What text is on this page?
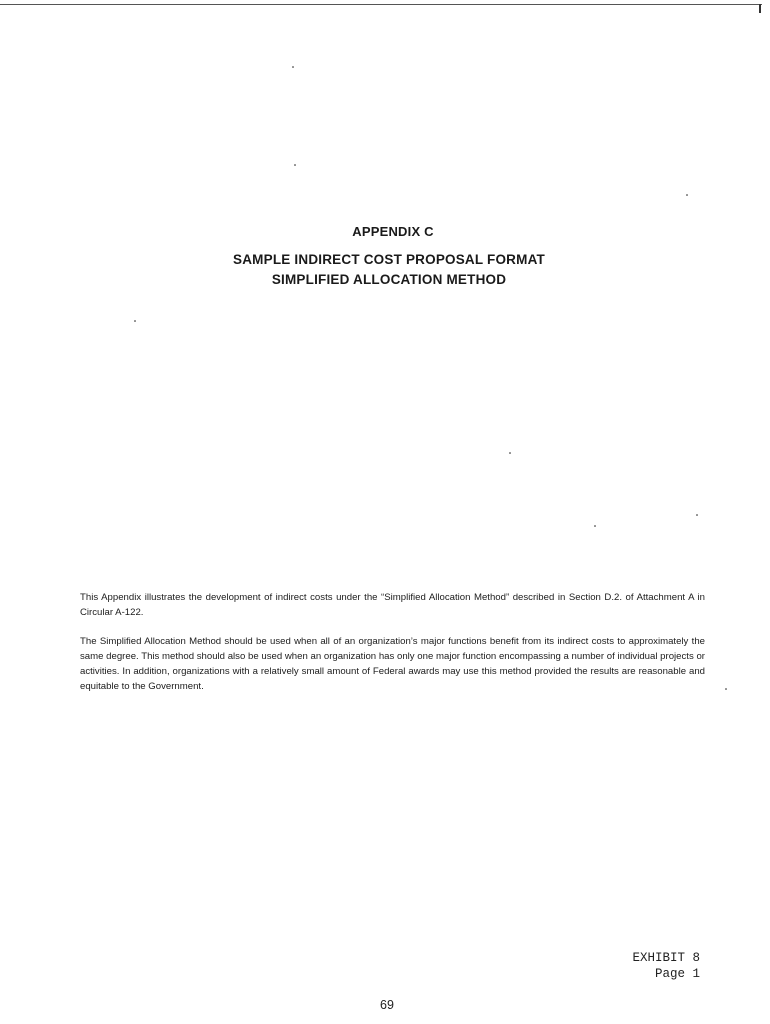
APPENDIX C
SAMPLE INDIRECT COST PROPOSAL FORMAT
SIMPLIFIED ALLOCATION METHOD

This Appendix illustrates the development of indirect costs under the “Simplified Allocation Method” described in Section D.2. of Attachment A in Circular A-122.

The Simplified Allocation Method should be used when all of an organization’s major functions benefit from its indirect costs to approximately the same degree. This method should also be used when an organization has only one major function encompassing a number of individual projects or activities. In addition, organizations with a relatively small amount of Federal awards may use this method provided the results are reasonable and equitable to the Government.

EXHIBIT 8
Page 1
69
